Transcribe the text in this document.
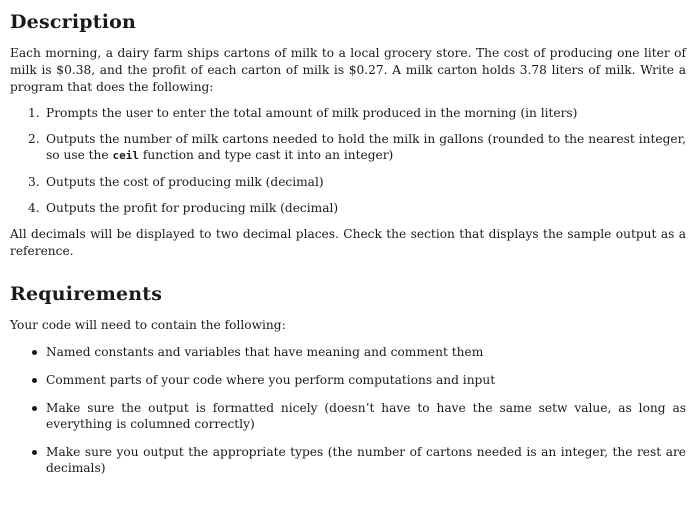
Description

Each morning, a dairy farm ships cartons of milk to a local grocery store. The cost of producing one liter of milk is $0.38, and the profit of each carton of milk is $0.27. A milk carton holds 3.78 liters of milk. Write a program that does the following:

1. Prompts the user to enter the total amount of milk produced in the morning (in liters)
2. Outputs the number of milk cartons needed to hold the milk in gallons (rounded to the nearest integer, so use the ceil function and type cast it into an integer)
3. Outputs the cost of producing milk (decimal)
4. Outputs the profit for producing milk (decimal)

All decimals will be displayed to two decimal places. Check the section that displays the sample output as a reference.

Requirements

Your code will need to contain the following:

Named constants and variables that have meaning and comment them
Comment parts of your code where you perform computations and input
Make sure the output is formatted nicely (doesn’t have to have the same setw value, as long as everything is columned correctly)
Make sure you output the appropriate types (the number of cartons needed is an integer, the rest are decimals)
